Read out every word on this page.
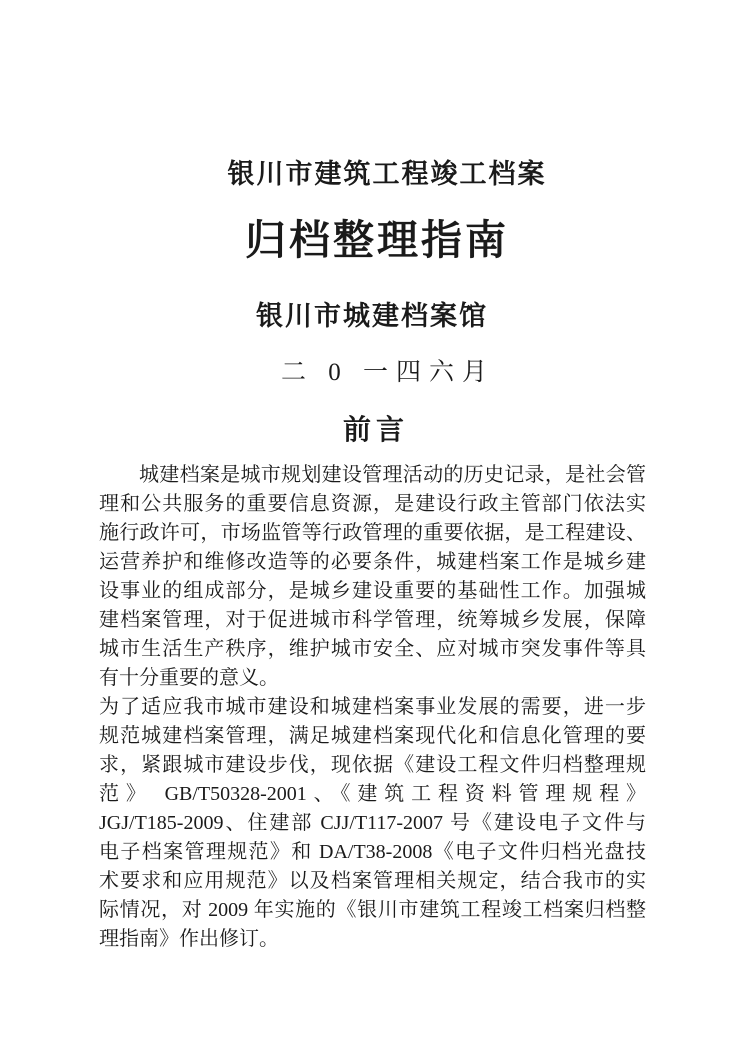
银川市建筑工程竣工档案
归档整理指南
银川市城建档案馆
二 0 一四六月
前言
城建档案是城市规划建设管理活动的历史记录，是社会管
理和公共服务的重要信息资源，是建设行政主管部门依法实
施行政许可，市场监管等行政管理的重要依据，是工程建设、
运营养护和维修改造等的必要条件，城建档案工作是城乡建
设事业的组成部分，是城乡建设重要的基础性工作。加强城
建档案管理，对于促进城市科学管理，统筹城乡发展，保障
城市生活生产秩序，维护城市安全、应对城市突发事件等具
有十分重要的意义。
为了适应我市城市建设和城建档案事业发展的需要，进一步
规范城建档案管理，满足城建档案现代化和信息化管理的要
求，紧跟城市建设步伐，现依据《建设工程文件归档整理规
范》 GB/T50328-2001、《建筑工程资料管理规程》
JGJ/T185-2009、住建部 CJJ/T117-2007 号《建设电子文件与
电子档案管理规范》和 DA/T38-2008《电子文件归档光盘技
术要求和应用规范》以及档案管理相关规定，结合我市的实
际情况，对 2009 年实施的《银川市建筑工程竣工档案归档整
理指南》作出修订。
